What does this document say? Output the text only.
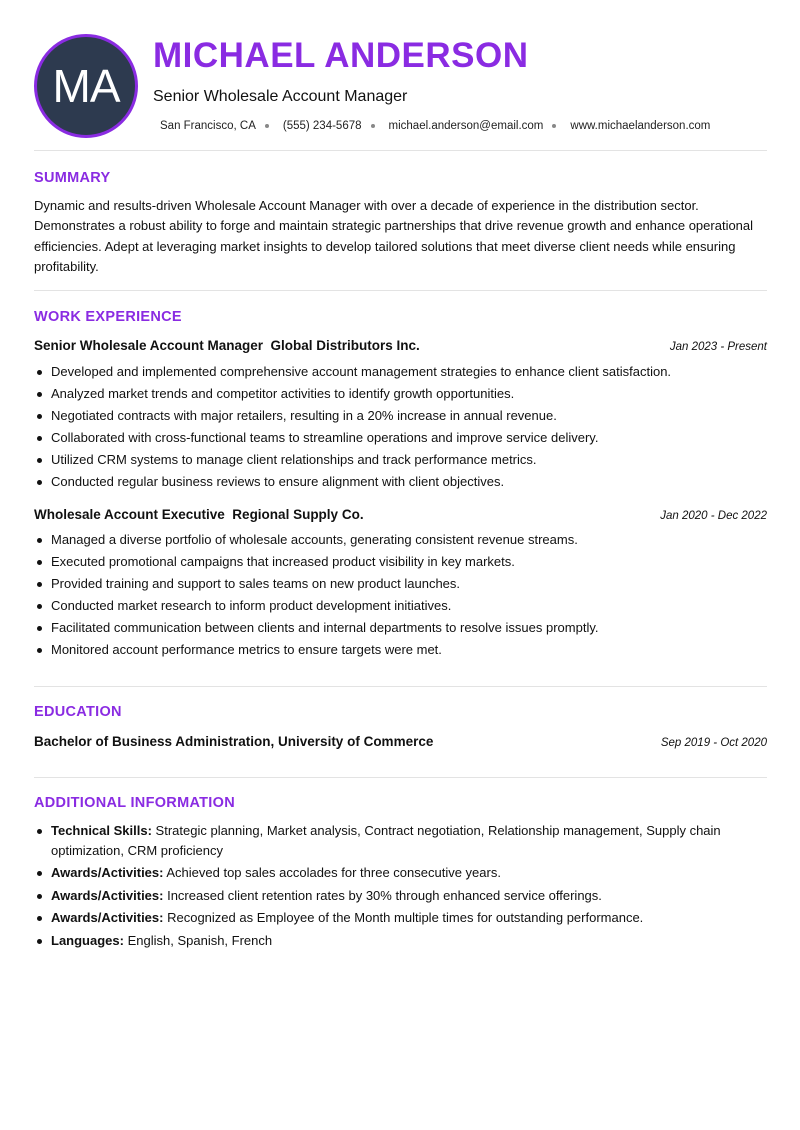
MA
MICHAEL ANDERSON
Senior Wholesale Account Manager
San Francisco, CA (555) 234-5678 michael.anderson@email.com www.michaelanderson.com
SUMMARY
Dynamic and results-driven Wholesale Account Manager with over a decade of experience in the distribution sector. Demonstrates a robust ability to forge and maintain strategic partnerships that drive revenue growth and enhance operational efficiencies. Adept at leveraging market insights to develop tailored solutions that meet diverse client needs while ensuring profitability.
WORK EXPERIENCE
Senior Wholesale Account Manager  Global Distributors Inc.	Jan 2023 - Present
Developed and implemented comprehensive account management strategies to enhance client satisfaction.
Analyzed market trends and competitor activities to identify growth opportunities.
Negotiated contracts with major retailers, resulting in a 20% increase in annual revenue.
Collaborated with cross-functional teams to streamline operations and improve service delivery.
Utilized CRM systems to manage client relationships and track performance metrics.
Conducted regular business reviews to ensure alignment with client objectives.
Wholesale Account Executive  Regional Supply Co.	Jan 2020 - Dec 2022
Managed a diverse portfolio of wholesale accounts, generating consistent revenue streams.
Executed promotional campaigns that increased product visibility in key markets.
Provided training and support to sales teams on new product launches.
Conducted market research to inform product development initiatives.
Facilitated communication between clients and internal departments to resolve issues promptly.
Monitored account performance metrics to ensure targets were met.
EDUCATION
Bachelor of Business Administration, University of Commerce	Sep 2019 - Oct 2020
ADDITIONAL INFORMATION
Technical Skills: Strategic planning, Market analysis, Contract negotiation, Relationship management, Supply chain optimization, CRM proficiency
Awards/Activities: Achieved top sales accolades for three consecutive years.
Awards/Activities: Increased client retention rates by 30% through enhanced service offerings.
Awards/Activities: Recognized as Employee of the Month multiple times for outstanding performance.
Languages: English, Spanish, French
